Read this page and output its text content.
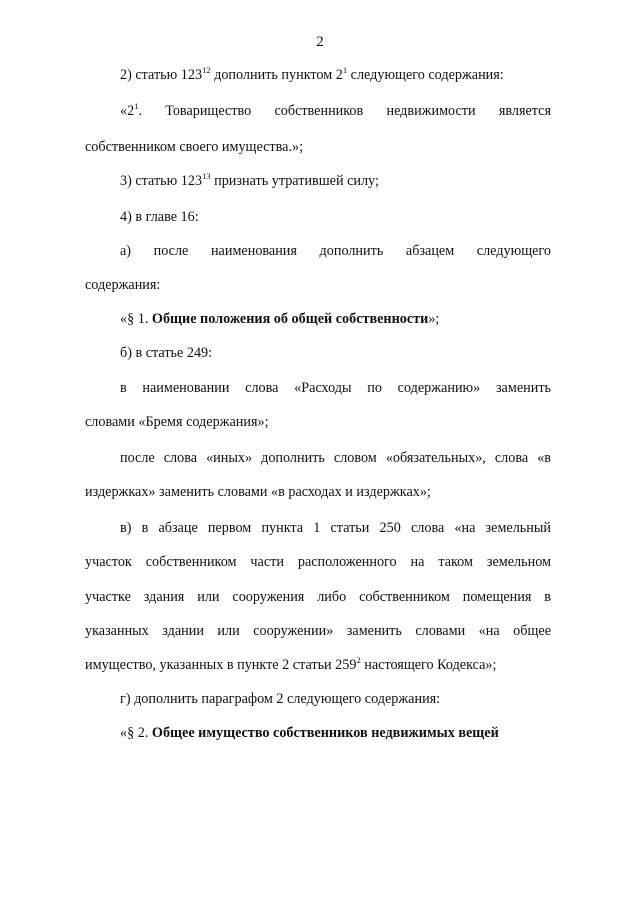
2
2) статью $123^{12}$ дополнить пунктом $2^1$ следующего содержания:
«$2^1$. Товарищество собственников недвижимости является
собственником своего имущества.»;
3) статью $123^{13}$ признать утратившей силу;
4) в главе 16:
а) после наименования дополнить абзацем следующего
содержания:
«§ 1. Общие положения об общей собственности»;
б) в статье 249:
в наименовании слова «Расходы по содержанию» заменить
словами «Бремя содержания»;
после слова «иных» дополнить словом «обязательных», слова «в
издержках» заменить словами «в расходах и издержках»;
в) в абзаце первом пункта 1 статьи 250 слова «на земельный
участок собственником части расположенного на таком земельном
участке здания или сооружения либо собственником помещения в
указанных здании или сооружении» заменить словами «на общее
имущество, указанных в пункте 2 статьи $259^2$ настоящего Кодекса»;
г) дополнить параграфом 2 следующего содержания:
«§ 2. Общее имущество собственников недвижимых вещей
